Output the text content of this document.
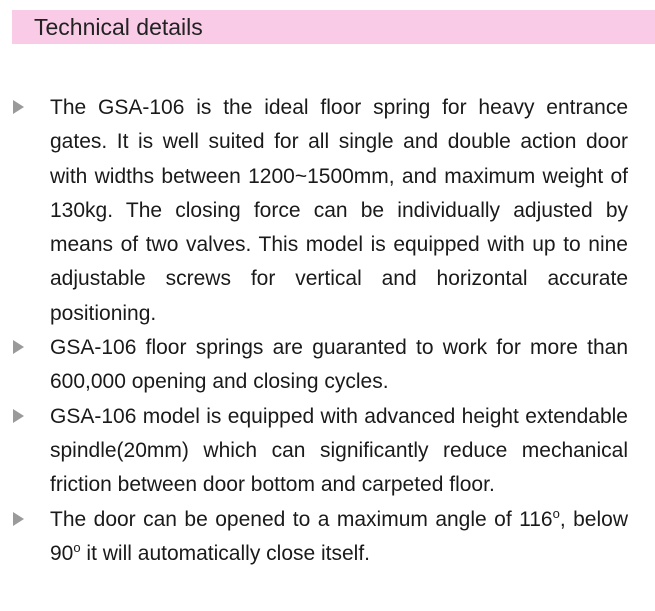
Technical details
The GSA-106 is the ideal floor spring for heavy entrance gates. It is well suited for all single and double action door with widths between 1200~1500mm, and maximum weight of 130kg. The closing force can be individually adjusted by means of two valves. This model is equipped with up to nine adjustable screws for vertical and horizontal accurate positioning.
GSA-106 floor springs are guaranted to work for more than 600,000 opening and closing cycles.
GSA-106 model is equipped with advanced height extendable spindle(20mm) which can significantly reduce mechanical friction between door bottom and carpeted floor.
The door can be opened to a maximum angle of 116$^o$, below 90$^o$ it will automatically close itself.
